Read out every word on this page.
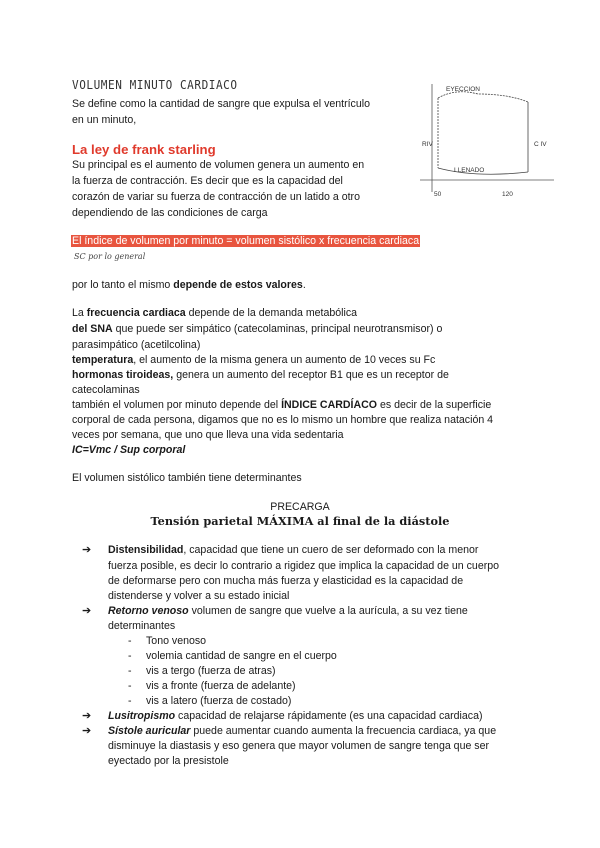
VOLUMEN MINUTO CARDIACO
Se define como la cantidad de sangre que expulsa el ventrículo
en un minuto,
EYECCION
RIV	C IV
LLENADO
50	120
La ley de frank starling
Su principal es el aumento de volumen genera un aumento en
la fuerza de contracción. Es decir que es la capacidad del
corazón de variar su fuerza de contracción de un latido a otro
dependiendo de las condiciones de carga
El índice de volumen por minuto = volumen sistólico x frecuencia cardiaca
SC por lo general
por lo tanto el mismo depende de estos valores.
La frecuencia cardiaca depende de la demanda metabólica
del SNA que puede ser simpático (catecolaminas, principal neurotransmisor) o
parasimpático (acetilcolina)
temperatura, el aumento de la misma genera un aumento de 10 veces su Fc
hormonas tiroideas, genera un aumento del receptor B1 que es un receptor de
catecolaminas
también el volumen por minuto depende del ÍNDICE CARDÍACO es decir de la superficie
corporal de cada persona, digamos que no es lo mismo un hombre que realiza natación 4
veces por semana, que uno que lleva una vida sedentaria
IC=Vmc / Sup corporal
El volumen sistólico también tiene determinantes
PRECARGA
Tensión parietal MÁXIMA al final de la diástole
➔ Distensibilidad, capacidad que tiene un cuero de ser deformado con la menor
fuerza posible, es decir lo contrario a rigidez que implica la capacidad de un cuerpo
de deformarse pero con mucha más fuerza y elasticidad es la capacidad de
distenderse y volver a su estado inicial
➔ Retorno venoso volumen de sangre que vuelve a la aurícula, a su vez tiene
determinantes
- Tono venoso
- volemia cantidad de sangre en el cuerpo
- vis a tergo (fuerza de atras)
- vis a fronte (fuerza de adelante)
- vis a latero (fuerza de costado)
➔ Lusitropismo capacidad de relajarse rápidamente (es una capacidad cardiaca)
➔ Sístole auricular puede aumentar cuando aumenta la frecuencia cardiaca, ya que
disminuye la diastasis y eso genera que mayor volumen de sangre tenga que ser
eyectado por la presistole
